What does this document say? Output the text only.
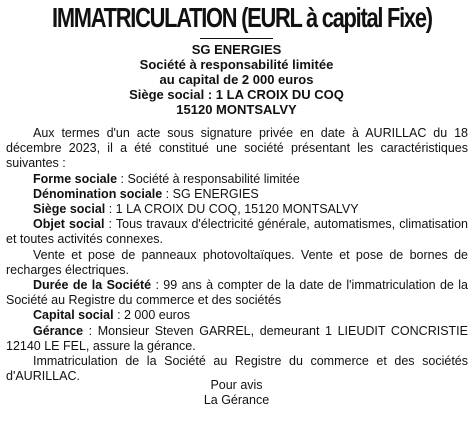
IMMATRICULATION (EURL à capital Fixe)
SG ENERGIES
Société à responsabilité limitée
au capital de 2 000 euros
Siège social : 1 LA CROIX DU COQ
15120 MONTSALVY

Aux termes d'un acte sous signature privée en date à AURILLAC du 18 décembre 2023, il a été constitué une société présentant les caractéristiques suivantes :

Forme sociale : Société à responsabilité limitée

Dénomination sociale : SG ENERGIES

Siège social : 1 LA CROIX DU COQ, 15120 MONTSALVY

Objet social : Tous travaux d'électricité générale, automatismes, climatisation et toutes activités connexes.

Vente et pose de panneaux photovoltaïques. Vente et pose de bornes de recharges électriques.

Durée de la Société : 99 ans à compter de la date de l'immatriculation de la Société au Registre du commerce et des sociétés

Capital social : 2 000 euros

Gérance : Monsieur Steven GARREL, demeurant 1 LIEUDIT CONCRISTIE 12140 LE FEL, assure la gérance.

Immatriculation de la Société au Registre du commerce et des sociétés d'AURILLAC.

Pour avis
La Gérance
